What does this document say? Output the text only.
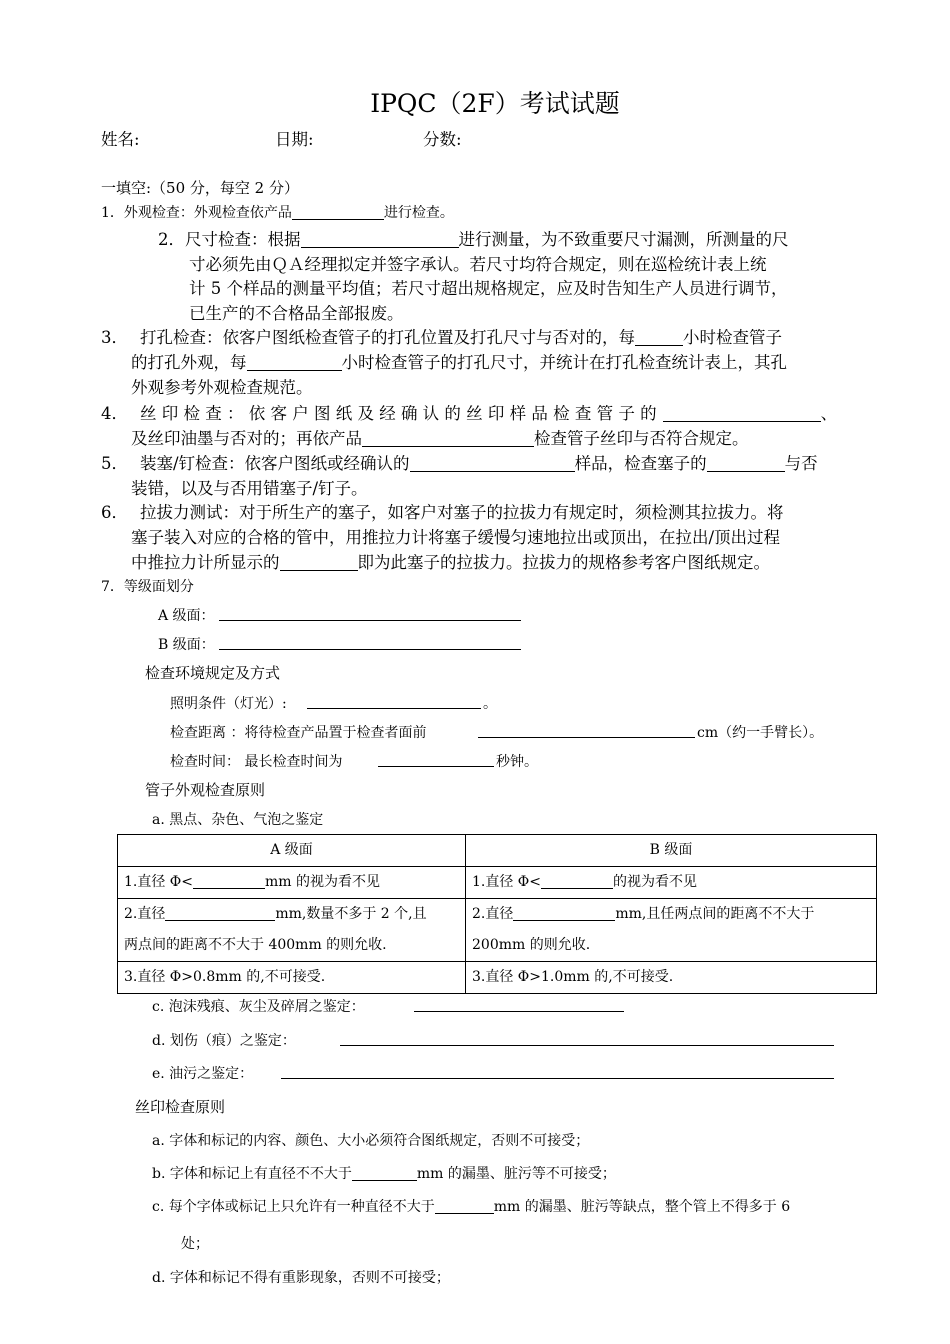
IPQC（2F）考试试题
姓名:	日期:	分数:
一填空:（50 分，每空 2 分）
1．外观检查：外观检查依产品	进行检查。
2．尺寸检查：根据	进行测量，为不致重要尺寸漏测，所测量的尺
寸必须先由ＱＡ经理拟定并签字承认。若尺寸均符合规定，则在巡检统计表上统
计 5 个样品的测量平均值；若尺寸超出规格规定，应及时告知生产人员进行调节，
已生产的不合格品全部报废。
3． 打孔检查：依客户图纸检查管子的打孔位置及打孔尺寸与否对的，每	小时检查管子
的打孔外观，每	小时检查管子的打孔尺寸，并统计在打孔检查统计表上，其孔
外观参考外观检查规范。
4． 丝 印 检 查 ： 依 客 户 图 纸 及 经 确 认 的 丝 印 样 品 检 查 管 子 的	、
及丝印油墨与否对的；再依产品	检查管子丝印与否符合规定。
5． 装塞/钉检查：依客户图纸或经确认的	样品，检查塞子的	与否
装错，以及与否用错塞子/钉子。
6． 拉拔力测试：对于所生产的塞子，如客户对塞子的拉拔力有规定时，须检测其拉拔力。将
塞子装入对应的合格的管中，用推拉力计将塞子缓慢匀速地拉出或顶出，在拉出/顶出过程
中推拉力计所显示的	即为此塞子的拉拔力。拉拔力的规格参考客户图纸规定。
7．等级面划分
A 级面：
B 级面：
检查环境规定及方式
照明条件（灯光）:	。
检查距离 ：将待检查产品置于检查者面前	cm（约一手臂长）。
检查时间： 最长检查时间为	秒钟。
管子外观检查原则
a. 黑点、杂色、气泡之鉴定
A 级面	B 级面
1.直径 Φ< mm 的视为看不见	1.直径 Φ< 的视为看不见
2.直径 mm,数量不多于 2 个,且
两点间的距离不不大于 400mm 的则允收.	2.直径 mm,且任两点间的距离不不大于
200mm 的则允收.
3.直径 Φ>0.8mm 的,不可接受.	3.直径 Φ>1.0mm 的,不可接受.
c. 泡沫残痕、灰尘及碎屑之鉴定：
d. 划伤（痕）之鉴定：
e. 油污之鉴定：
丝印检查原则
a. 字体和标记的内容、颜色、大小必须符合图纸规定，否则不可接受；
b. 字体和标记上有直径不不大于	mm 的漏墨、脏污等不可接受；
c. 每个字体或标记上只允许有一种直径不大于	mm 的漏墨、脏污等缺点，整个管上不得多于 6
处；
d. 字体和标记不得有重影现象，否则不可接受；
